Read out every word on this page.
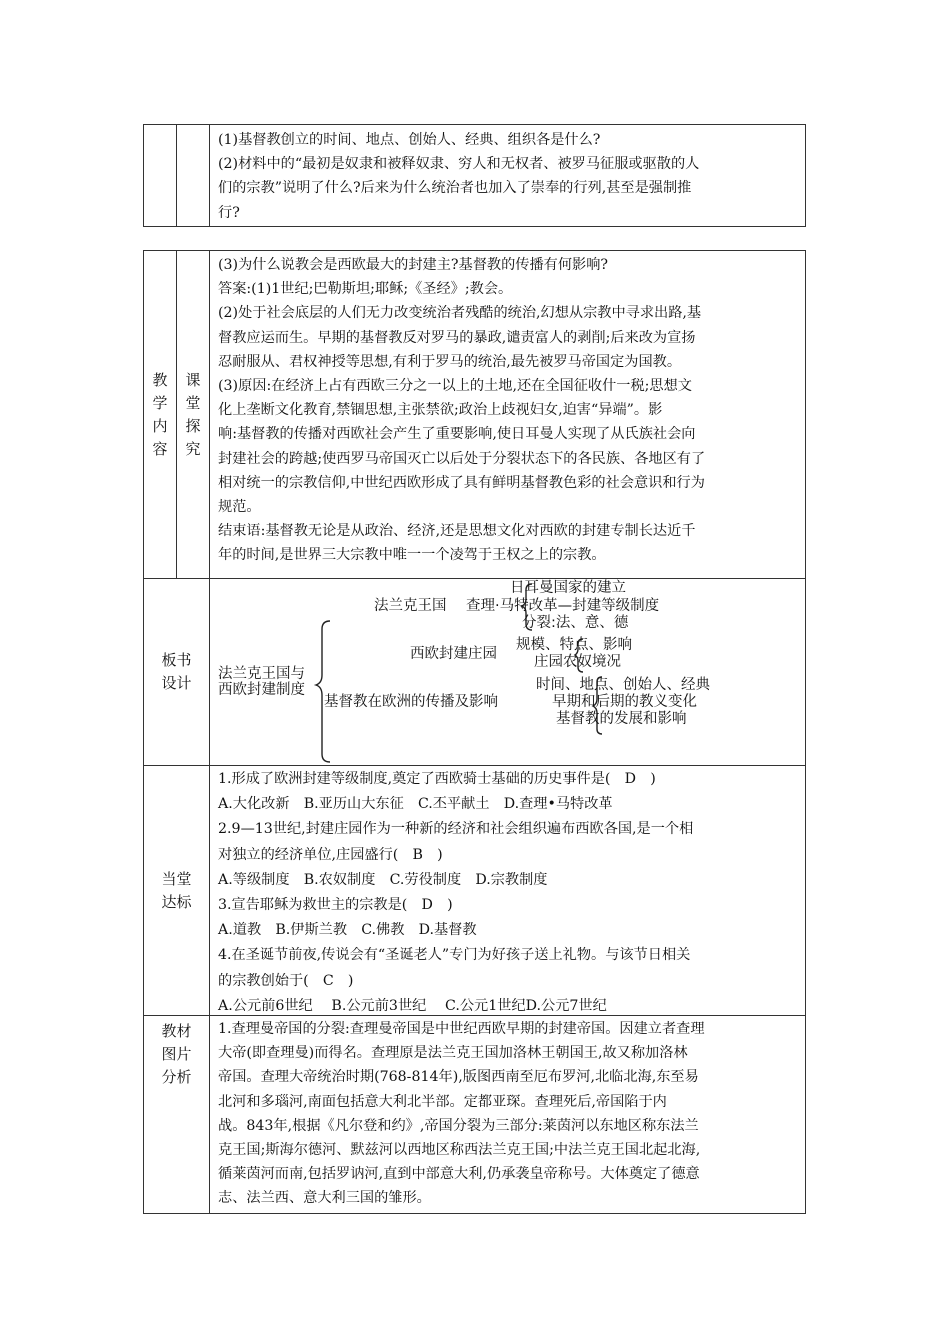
(1)基督教创立的时间、地点、创始人、经典、组织各是什么?

(2)材料中的“最初是奴隶和被释奴隶、穷人和无权者、被罗马征服或驱散的人

们的宗教”说明了什么?后来为什么统治者也加入了崇奉的行列,甚至是强制推

行?

教学内容
课堂探究

(3)为什么说教会是西欧最大的封建主?基督教的传播有何影响?

答案:(1)1世纪;巴勒斯坦;耶稣;《圣经》;教会。

(2)处于社会底层的人们无力改变统治者残酷的统治,幻想从宗教中寻求出路,基

督教应运而生。早期的基督教反对罗马的暴政,谴责富人的剥削;后来改为宣扬

忍耐服从、君权神授等思想,有利于罗马的统治,最先被罗马帝国定为国教。

(3)原因:在经济上占有西欧三分之一以上的土地,还在全国征收什一税;思想文

化上垄断文化教育,禁锢思想,主张禁欲;政治上歧视妇女,迫害“异端”。影

响:基督教的传播对西欧社会产生了重要影响,使日耳曼人实现了从氏族社会向

封建社会的跨越;使西罗马帝国灭亡以后处于分裂状态下的各民族、各地区有了

相对统一的宗教信仰,中世纪西欧形成了具有鲜明基督教色彩的社会意识和行为

规范。

结束语:基督教无论是从政治、经济,还是思想文化对西欧的封建专制长达近千

年的时间,是世界三大宗教中唯一一个凌驾于王权之上的宗教。

板书设计 法兰克王国与
西欧封建制度
法兰克王国
日耳曼国家的建立
查理·马特改革—封建等级制度
分裂:法、意、德
西欧封建庄园
规模、特点、影响
庄园农奴境况
基督教在欧洲的传播及影响
时间、地点、创始人、经典
早期和后期的教义变化
基督教的发展和影响
当堂达标

1.形成了欧洲封建等级制度,奠定了西欧骑士基础的历史事件是(　D　)

A.大化改新　B.亚历山大东征　C.丕平献土　D.查理•马特改革

2.9—13世纪,封建庄园作为一种新的经济和社会组织遍布西欧各国,是一个相

对独立的经济单位,庄园盛行(　B　)

A.等级制度　B.农奴制度　C.劳役制度　D.宗教制度

3.宣告耶稣为救世主的宗教是(　D　)

A.道教　B.伊斯兰教　C.佛教　D.基督教

4.在圣诞节前夜,传说会有“圣诞老人”专门为好孩子送上礼物。与该节日相关

的宗教创始于(　C　)

A.公元前6世纪　 B.公元前3世纪　 C.公元1世纪D.公元7世纪

教材图片分析

1.查理曼帝国的分裂:查理曼帝国是中世纪西欧早期的封建帝国。因建立者查理

大帝(即查理曼)而得名。查理原是法兰克王国加洛林王朝国王,故又称加洛林

帝国。查理大帝统治时期(768-814年),版图西南至厄布罗河,北临北海,东至易

北河和多瑙河,南面包括意大利北半部。定都亚琛。查理死后,帝国陷于内

战。843年,根据《凡尔登和约》,帝国分裂为三部分:莱茵河以东地区称东法兰

克王国;斯海尔德河、默兹河以西地区称西法兰克王国;中法兰克王国北起北海,

循莱茵河而南,包括罗讷河,直到中部意大利,仍承袭皇帝称号。大体奠定了德意

志、法兰西、意大利三国的雏形。
